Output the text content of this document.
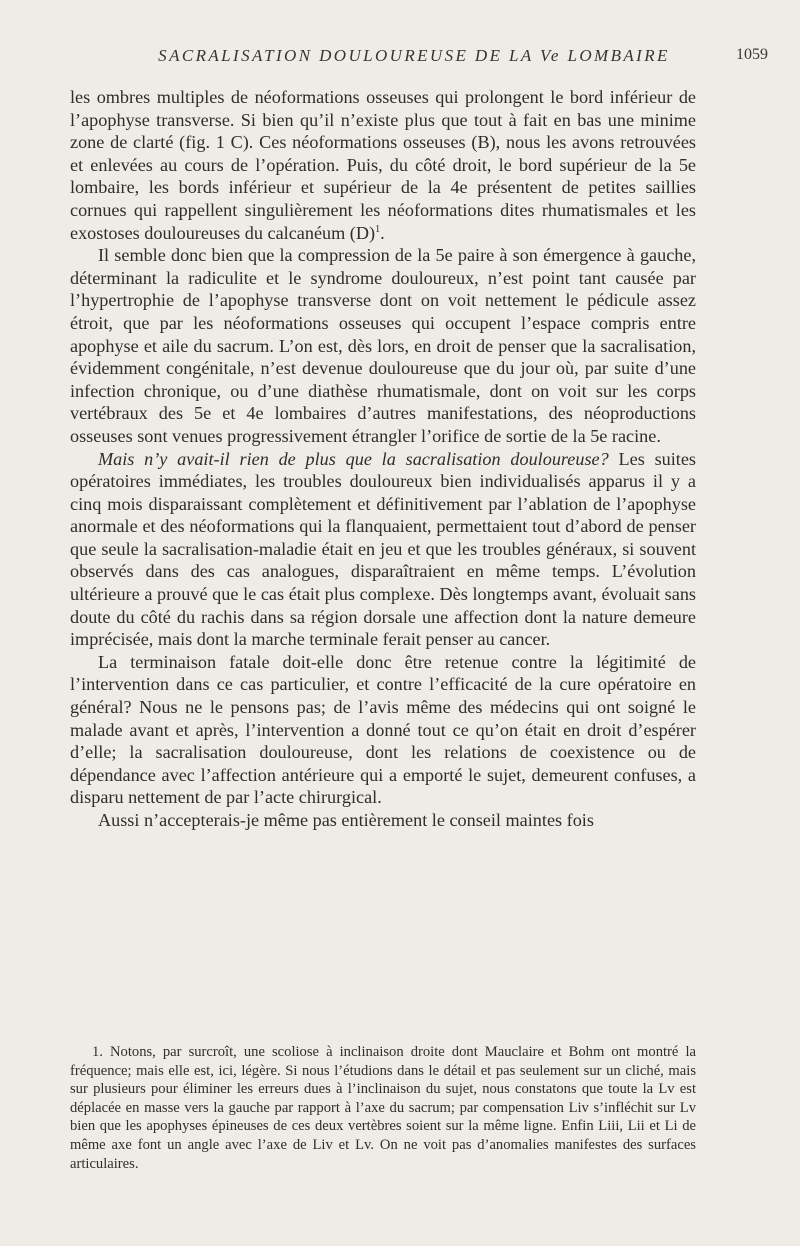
SACRALISATION DOULOUREUSE DE LA Ve LOMBAIRE	1059

les ombres multiples de néoformations osseuses qui prolongent le bord inférieur de l’apophyse transverse. Si bien qu’il n’existe plus que tout à fait en bas une minime zone de clarté (fig. 1 C). Ces néoformations osseuses (B), nous les avons retrouvées et enlevées au cours de l’opération. Puis, du côté droit, le bord supérieur de la 5e lombaire, les bords inférieur et supérieur de la 4e présentent de petites saillies cornues qui rappellent singulièrement les néoformations dites rhumatismales et les exostoses douloureuses du calcanéum $(D)^1$.

Il semble donc bien que la compression de la 5e paire à son émergence à gauche, déterminant la radiculite et le syndrome douloureux, n’est point tant causée par l’hypertrophie de l’apophyse transverse dont on voit nettement le pédicule assez étroit, que par les néoformations osseuses qui occupent l’espace compris entre apophyse et aile du sacrum. L’on est, dès lors, en droit de penser que la sacralisation, évidemment congénitale, n’est devenue douloureuse que du jour où, par suite d’une infection chronique, ou d’une diathèse rhumatismale, dont on voit sur les corps vertébraux des 5e et 4e lombaires d’autres manifestations, des néoproductions osseuses sont venues progressivement étrangler l’orifice de sortie de la 5e racine.

Mais n’y avait-il rien de plus que la sacralisation douloureuse? Les suites opératoires immédiates, les troubles douloureux bien individualisés apparus il y a cinq mois disparaissant complètement et définitivement par l’ablation de l’apophyse anormale et des néoformations qui la flanquaient, permettaient tout d’abord de penser que seule la sacralisation-maladie était en jeu et que les troubles généraux, si souvent observés dans des cas analogues, disparaîtraient en même temps. L’évolution ultérieure a prouvé que le cas était plus complexe. Dès longtemps avant, évoluait sans doute du côté du rachis dans sa région dorsale une affection dont la nature demeure imprécisée, mais dont la marche terminale ferait penser au cancer.

La terminaison fatale doit-elle donc être retenue contre la légitimité de l’intervention dans ce cas particulier, et contre l’efficacité de la cure opératoire en général? Nous ne le pensons pas; de l’avis même des médecins qui ont soigné le malade avant et après, l’intervention a donné tout ce qu’on était en droit d’espérer d’elle; la sacralisation douloureuse, dont les relations de coexistence ou de dépendance avec l’affection antérieure qui a emporté le sujet, demeurent confuses, a disparu nettement de par l’acte chirurgical.

Aussi n’accepterais-je même pas entièrement le conseil maintes fois

1. Notons, par surcroît, une scoliose à inclinaison droite dont Mauclaire et Bohm ont montré la fréquence; mais elle est, ici, légère. Si nous l’étudions dans le détail et pas seulement sur un cliché, mais sur plusieurs pour éliminer les erreurs dues à l’inclinaison du sujet, nous constatons que toute la Lv est déplacée en masse vers la gauche par rapport à l’axe du sacrum; par compensation Liv s’infléchit sur Lv bien que les apophyses épineuses de ces deux vertèbres soient sur la même ligne. Enfin Liii, Lii et Li de même axe font un angle avec l’axe de Liv et Lv. On ne voit pas d’anomalies manifestes des surfaces articulaires.
